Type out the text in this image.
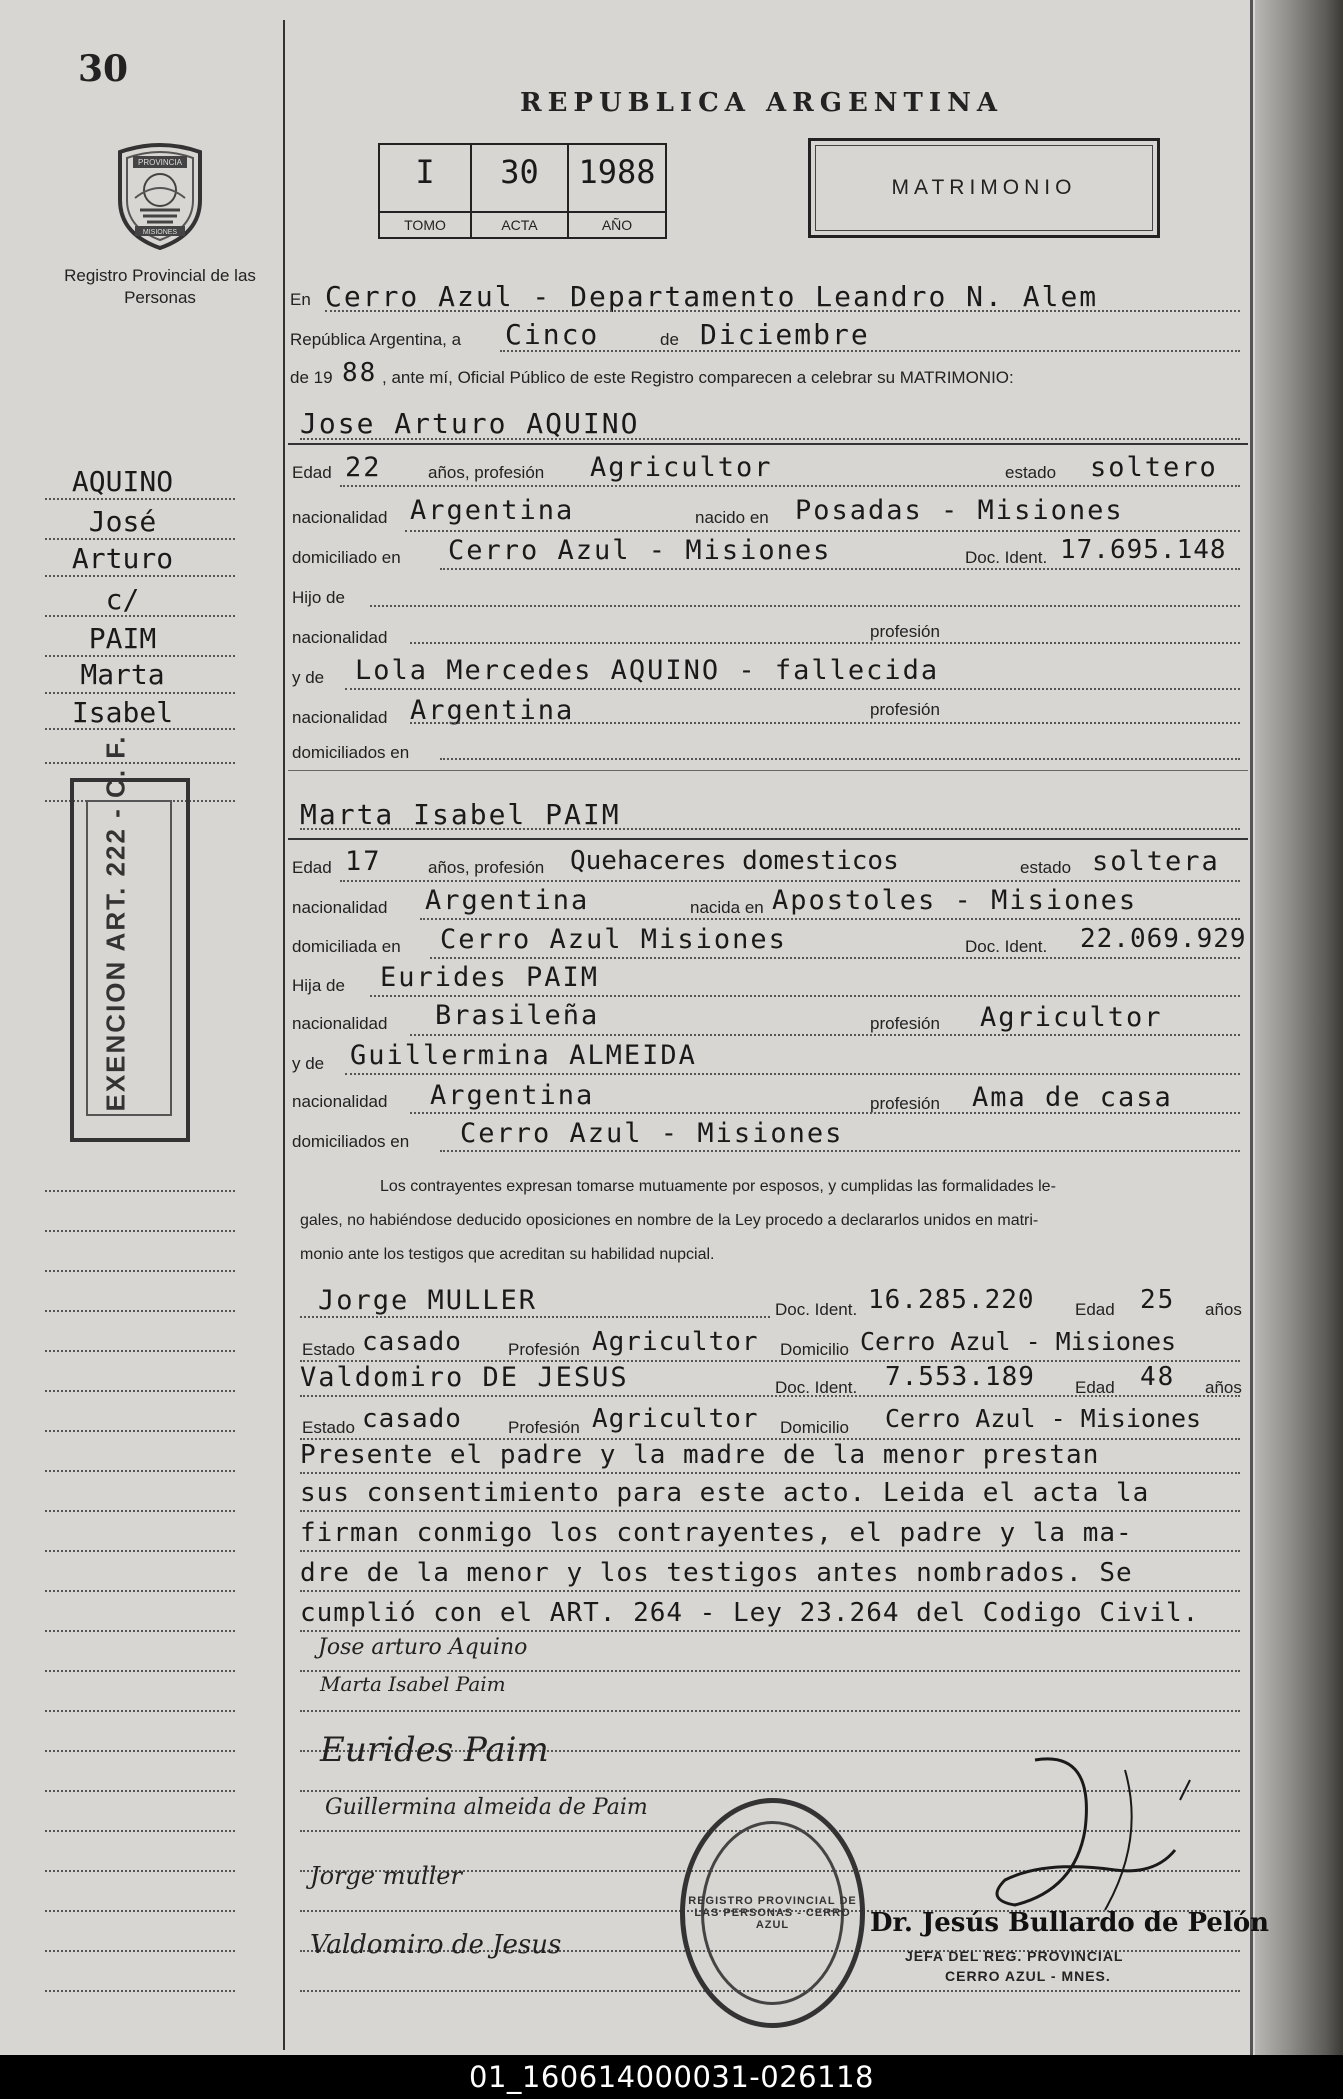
30
REPUBLICA ARGENTINA
PROVINCIA
MISIONES
Registro Provincial de las Personas
I
TOMO
30
ACTA
1988
AÑO
MATRIMONIO
AQUINO
José
Arturo
c/
PAIM
Marta
Isabel
EXENCION ART. 222 - C. F.
En Cerro Azul - Departamento Leandro N. Alem
República Argentina, a Cinco	de Diciembre
de 19 88 , ante mí, Oficial Público de este Registro comparecen a celebrar su MATRIMONIO:
Jose Arturo AQUINO
Edad 22	años, profesión Agricultor	estado soltero
nacionalidad Argentina	nacido en Posadas - Misiones
domiciliado en Cerro Azul - Misiones	Doc. Ident. 17.695.148
Hijo de
nacionalidad	profesión
y de Lola Mercedes AQUINO - fallecida
nacionalidad Argentina	profesión
domiciliados en
Marta Isabel PAIM
Edad 17	años, profesión Quehaceres domesticos	estado soltera
nacionalidad Argentina	nacida en Apostoles - Misiones
domiciliada en Cerro Azul Misiones	Doc. Ident. 22.069.929
Hija de Eurides PAIM
nacionalidad Brasileña	profesión Agricultor
y de Guillermina ALMEIDA
nacionalidad Argentina	profesión Ama de casa
domiciliados en Cerro Azul - Misiones
Los contrayentes expresan tomarse mutuamente por esposos, y cumplidas las formalidades le-
gales, no habiéndose deducido oposiciones en nombre de la Ley procedo a declararlos unidos en matri-
monio ante los testigos que acreditan su habilidad nupcial.
Jorge MULLER	Doc. Ident. 16.285.220 Edad 25 años
Estado casado	Profesión Agricultor Domicilio Cerro Azul - Misiones
Valdomiro DE JESUS	Doc. Ident. 7.553.189 Edad 48 años
Estado casado	Profesión Agricultor Domicilio Cerro Azul - Misiones
Presente el padre y la madre de la menor prestan
sus consentimiento para este acto. Leida el acta la
firman conmigo los contrayentes, el padre y la ma-
dre de la menor y los testigos antes nombrados. Se
cumplió con el ART. 264 - Ley 23.264 del Codigo Civil.
Jose arturo Aquino
Marta Isabel Paim
Eurides Paim
Guillermina almeida de Paim
Jorge muller
Valdomiro de Jesus
REGISTRO PROVINCIAL DE LAS PERSONAS - CERRO AZUL	Dr. Jesús Bullardo de Pelón
JEFA DEL REG. PROVINCIAL
CERRO AZUL - MNES.
01_160614000031-026118
